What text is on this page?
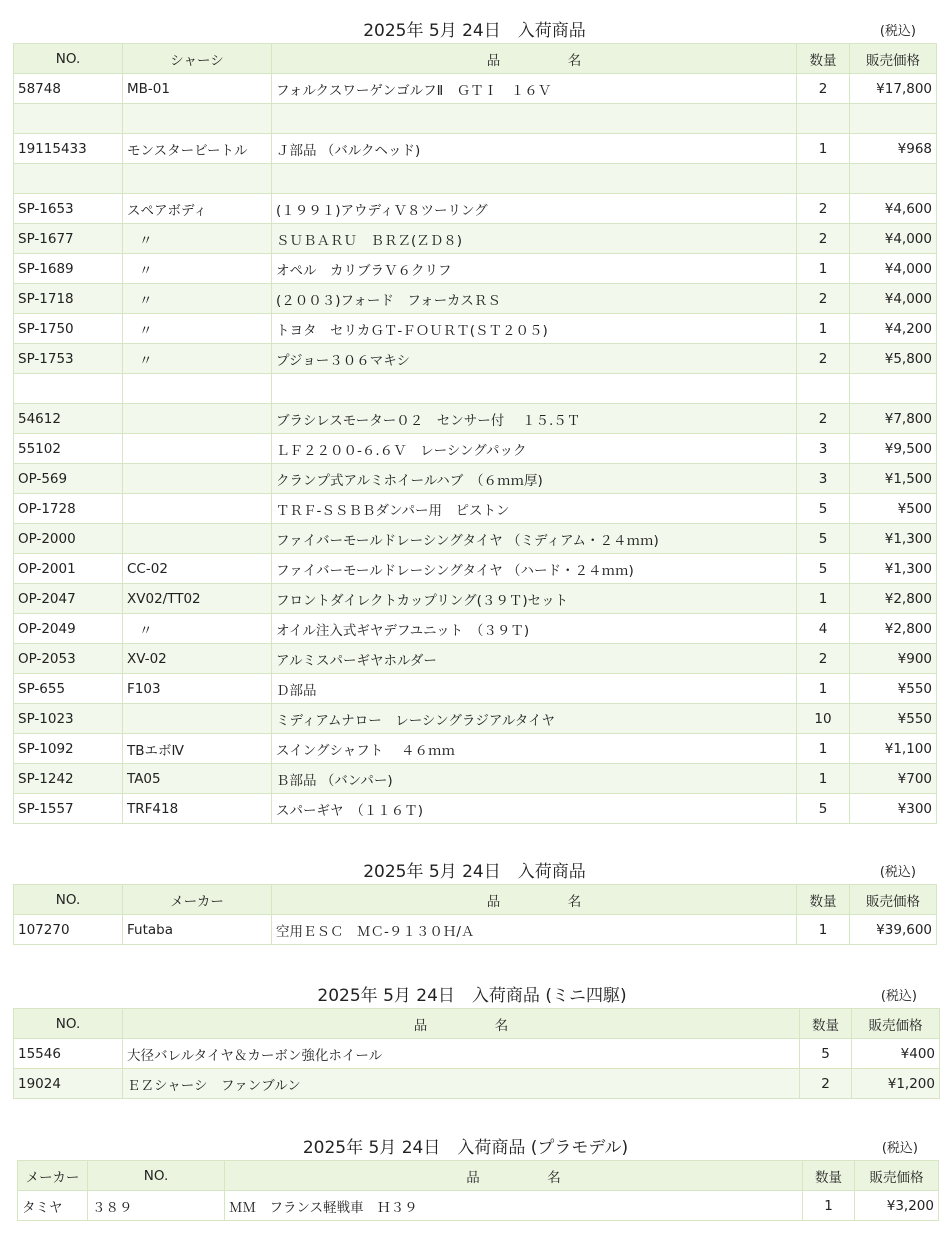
2025年 5月 24日　入荷商品	(税込)
NO.	シャーシ	品　　　　　名	数量	販売価格
58748	MB-01	フォルクスワーゲンゴルフⅡ　ＧＴＩ　１６Ｖ	2	¥17,800

19115433	モンスタービートル	Ｊ部品 （バルクヘッド)	1	¥968

SP-1653	スペアボディ	(１９９１)アウディＶ８ツーリング	2	¥4,600
SP-1677	〃	ＳＵＢＡＲＵ　ＢＲＺ(ＺＤ８)	2	¥4,000
SP-1689	〃	オペル　カリブラＶ６クリフ	1	¥4,000
SP-1718	〃	(２００３)フォード　フォーカスＲＳ	2	¥4,000
SP-1750	〃	トヨタ　セリカＧＴ-ＦＯＵＲＴ(ＳＴ２０５)	1	¥4,200
SP-1753	〃	プジョー３０６マキシ	2	¥5,800

54612		ブラシレスモーター０２　センサー付　 １５.５Ｔ	2	¥7,800
55102		ＬＦ２２００-６.６Ｖ　レーシングパック	3	¥9,500
OP-569		クランプ式アルミホイールハブ　（６ｍｍ厚)	3	¥1,500
OP-1728		ＴＲＦ-ＳＳＢＢダンパー用　ピストン	5	¥500
OP-2000		ファイバーモールドレーシングタイヤ （ミディアム・２４ｍｍ)	5	¥1,300
OP-2001	CC-02	ファイバーモールドレーシングタイヤ （ハード・２４ｍｍ)	5	¥1,300
OP-2047	XV02/TT02	フロントダイレクトカップリング(３９Ｔ)セット	1	¥2,800
OP-2049	〃	オイル注入式ギヤデフユニット　（３９Ｔ)	4	¥2,800
OP-2053	XV-02	アルミスパーギヤホルダー	2	¥900
SP-655	F103	Ｄ部品	1	¥550
SP-1023		ミディアムナロー　レーシングラジアルタイヤ	10	¥550
SP-1092	TBエボⅣ	スイングシャフト　 ４６ｍｍ	1	¥1,100
SP-1242	TA05	Ｂ部品 （バンパー)	1	¥700
SP-1557	TRF418	スパーギヤ　（１１６Ｔ)	5	¥300
2025年 5月 24日　入荷商品	(税込)
NO.	メーカー	品　　　　　名	数量	販売価格
107270	Futaba	空用ＥＳＣ　ＭＣ-９１３０Ｈ/Ａ	1	¥39,600
2025年 5月 24日　入荷商品 (ミニ四駆)	(税込)
NO.	品　　　　　名	数量	販売価格
15546	大径バレルタイヤ＆カーボン強化ホイール	5	¥400
19024	ＥＺシャーシ　ファンブルン	2	¥1,200
2025年 5月 24日　入荷商品 (プラモデル)	(税込)
メーカー	NO.	品　　　　　名	数量	販売価格
タミヤ	３８９	ＭＭ　フランス軽戦車　Ｈ３９	1	¥3,200
